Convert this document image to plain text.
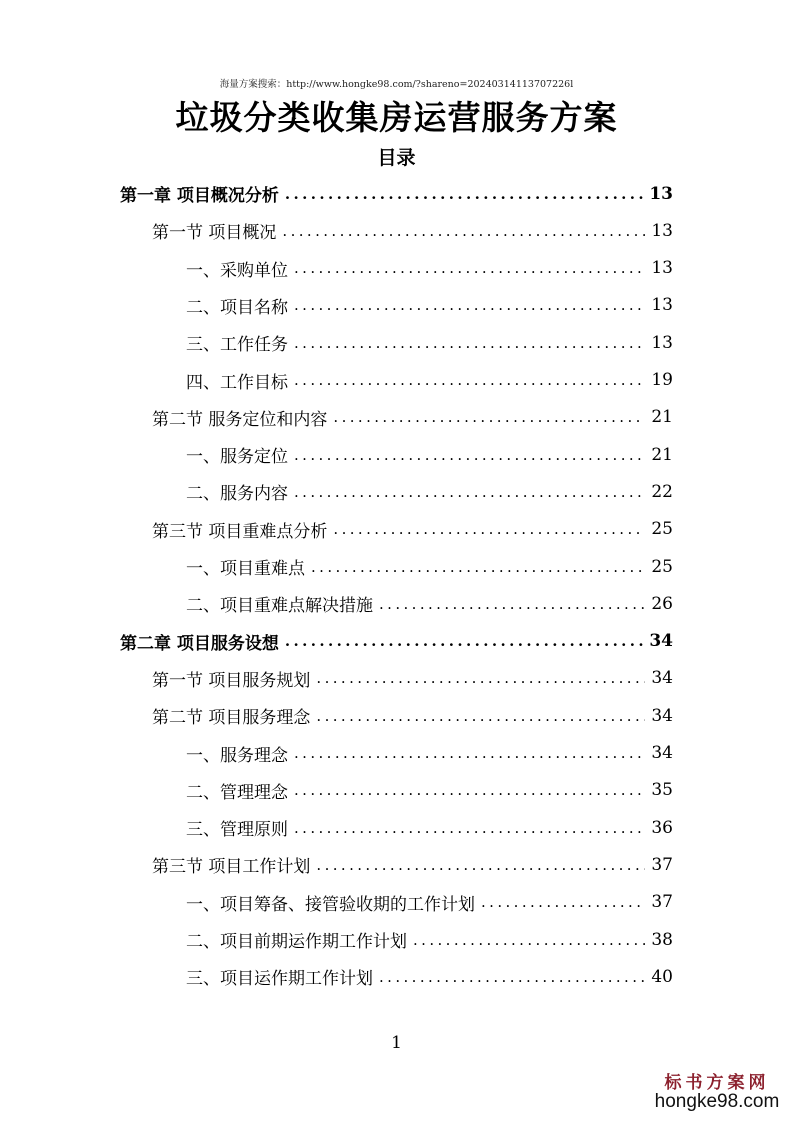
海量方案搜索：http://www.hongke98.com/?shareno=20240314113707226l
垃圾分类收集房运营服务方案
目录
第一章 项目概况分析 .....	13
第一节 项目概况 .....	13
一、采购单位 .....	13
二、项目名称 .....	13
三、工作任务 .....	13
四、工作目标 .....	19
第二节 服务定位和内容 .....	21
一、服务定位 .....	21
二、服务内容 .....	22
第三节 项目重难点分析 .....	25
一、项目重难点 .....	25
二、项目重难点解决措施 .....	26
第二章 项目服务设想 .....	34
第一节 项目服务规划 .....	34
第二节 项目服务理念 .....	34
一、服务理念 .....	34
二、管理理念 .....	35
三、管理原则 .....	36
第三节 项目工作计划 .....	37
一、项目筹备、接管验收期的工作计划 .....	37
二、项目前期运作期工作计划 .....	38
三、项目运作期工作计划 .....	40
1
标书方案网
hongke98.com
